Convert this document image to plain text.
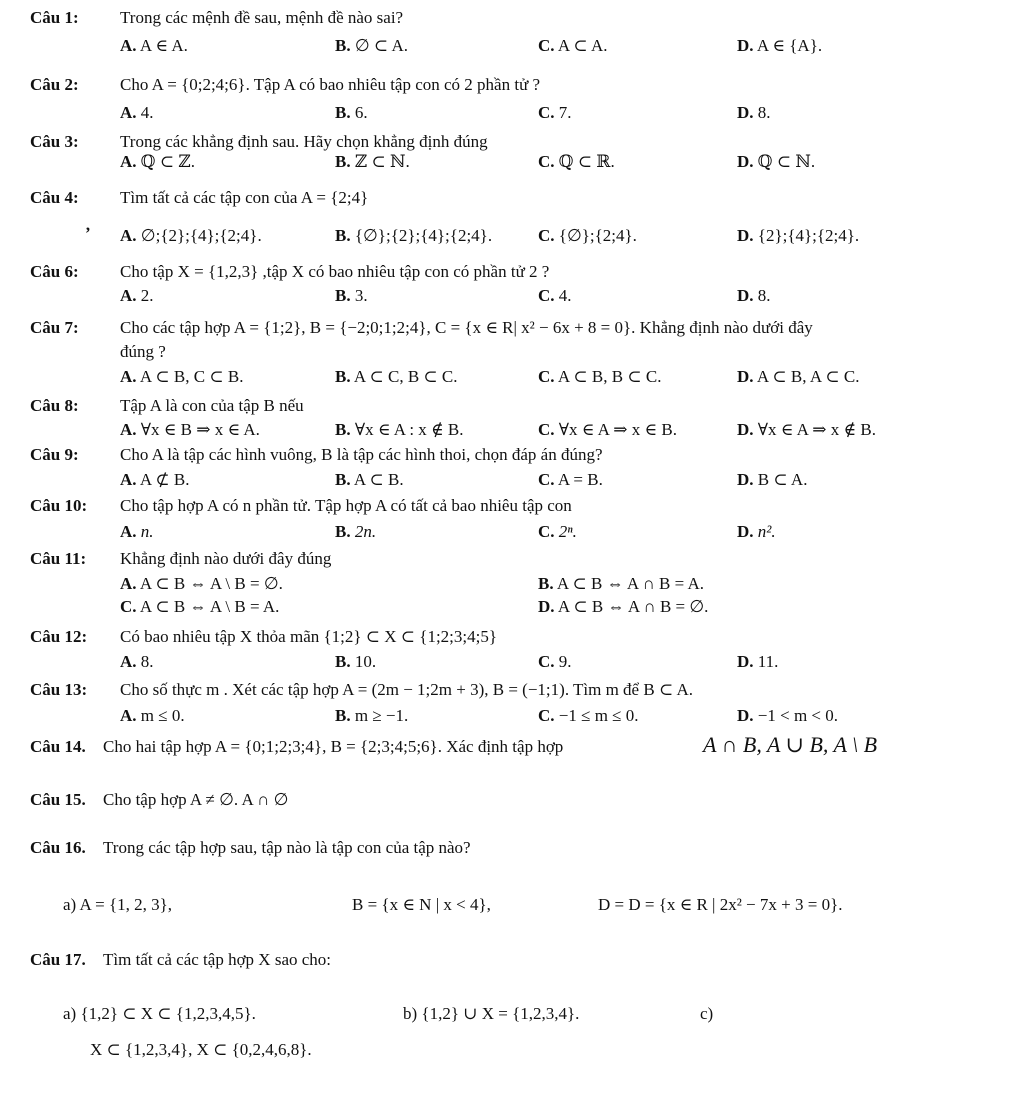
Câu 1: Trong các mệnh đề sau, mệnh đề nào sai?
A. A ∈ A.	B. ∅ ⊂ A.	C. A ⊂ A.	D. A ∈ {A}.
Câu 2: Cho A = {0;2;4;6}. Tập A có bao nhiêu tập con có 2 phần tử ?
A. 4.	B. 6.	C. 7.	D. 8.
Câu 3: Trong các khẳng định sau. Hãy chọn khẳng định đúng
A. ℚ ⊂ ℤ.	B. ℤ ⊂ ℕ.	C. ℚ ⊂ ℝ.	D. ℚ ⊂ ℕ.
Câu 4: Tìm tất cả các tập con của A = {2;4}
ʼ A. ∅;{2};{4};{2;4}.	B. {∅};{2};{4};{2;4}.	C. {∅};{2;4}.	D. {2};{4};{2;4}.
Câu 6: Cho tập X = {1,2,3} ,tập X có bao nhiêu tập con có phần tử 2 ?
A. 2.	B. 3.	C. 4.	D. 8.
Câu 7: Cho các tập hợp A = {1;2}, B = {−2;0;1;2;4}, C = {x ∈ R| x² − 6x + 8 = 0}. Khẳng định nào dưới đây
đúng ?
A. A ⊂ B, C ⊂ B.	B. A ⊂ C, B ⊂ C.	C. A ⊂ B, B ⊂ C.	D. A ⊂ B, A ⊂ C.
Câu 8: Tập A là con của tập B nếu
A. ∀x ∈ B ⇒ x ∈ A.	B. ∀x ∈ A : x ∉ B.	C. ∀x ∈ A ⇒ x ∈ B.	D. ∀x ∈ A ⇒ x ∉ B.
Câu 9: Cho A là tập các hình vuông, B là tập các hình thoi, chọn đáp án đúng?
A. A ⊄ B.	B. A ⊂ B.	C. A = B.	D. B ⊂ A.
Câu 10: Cho tập hợp A có n phần tử. Tập hợp A có tất cả bao nhiêu tập con
A. n.	B. 2n.	C. 2ⁿ.	D. n².
Câu 11: Khẳng định nào dưới đây đúng
A. A ⊂ B ⇔ A \ B = ∅.	B. A ⊂ B ⇔ A ∩ B = A.
C. A ⊂ B ⇔ A \ B = A.	D. A ⊂ B ⇔ A ∩ B = ∅.
Câu 12: Có bao nhiêu tập X thỏa mãn {1;2} ⊂ X ⊂ {1;2;3;4;5}
A. 8.	B. 10.	C. 9.	D. 11.
Câu 13: Cho số thực m . Xét các tập hợp A = (2m − 1;2m + 3), B = (−1;1). Tìm m để B ⊂ A.
A. m ≤ 0.	B. m ≥ −1.	C. −1 ≤ m ≤ 0.	D. −1 < m < 0.
Câu 14. Cho hai tập hợp A = {0;1;2;3;4}, B = {2;3;4;5;6}. Xác định tập hợp	A ∩ B, A ∪ B, A \ B
Câu 15. Cho tập hợp A ≠ ∅. A ∩ ∅
Câu 16. Trong các tập hợp sau, tập nào là tập con của tập nào?
a) A = {1, 2, 3},	B = {x ∈ N | x < 4},	D = D = {x ∈ R | 2x² − 7x + 3 = 0}.
Câu 17. Tìm tất cả các tập hợp X sao cho:
a) {1,2} ⊂ X ⊂ {1,2,3,4,5}.	b) {1,2} ∪ X = {1,2,3,4}.	c)
X ⊂ {1,2,3,4}, X ⊂ {0,2,4,6,8}.
